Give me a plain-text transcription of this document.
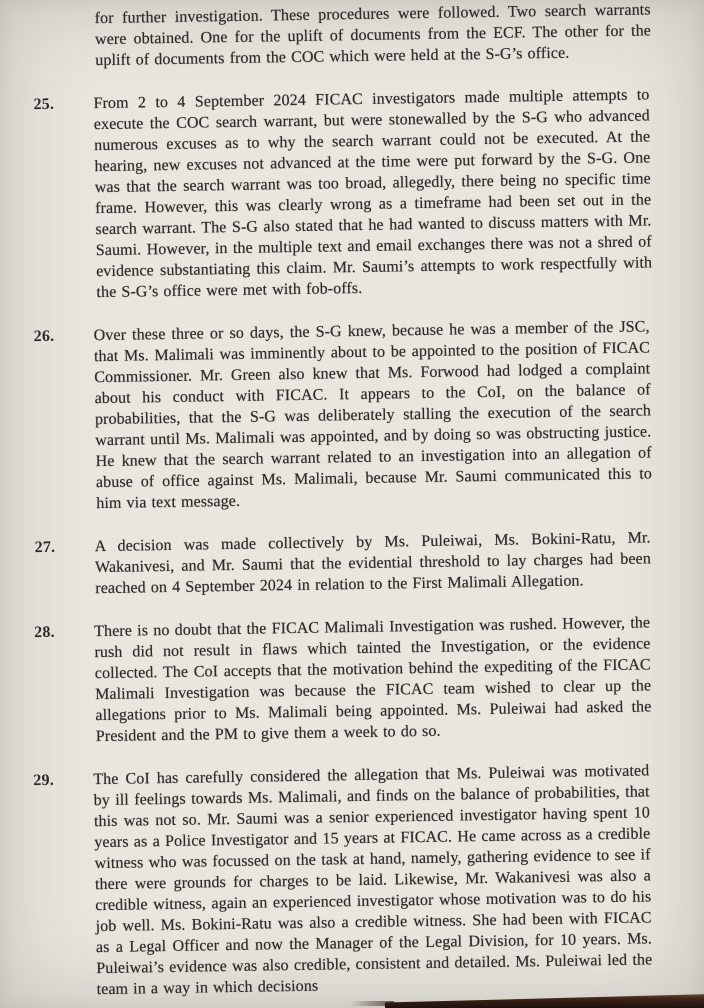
for further investigation. These procedures were followed. Two search warrants were obtained. One for the uplift of documents from the ECF. The other for the uplift of documents from the COC which were held at the S-G’s office.
25.	From 2 to 4 September 2024 FICAC investigators made multiple attempts to execute the COC search warrant, but were stonewalled by the S-G who advanced numerous excuses as to why the search warrant could not be executed. At the hearing, new excuses not advanced at the time were put forward by the S-G. One was that the search warrant was too broad, allegedly, there being no specific time frame. However, this was clearly wrong as a timeframe had been set out in the search warrant. The S-G also stated that he had wanted to discuss matters with Mr. Saumi. However, in the multiple text and email exchanges there was not a shred of evidence substantiating this claim. Mr. Saumi’s attempts to work respectfully with the S-G’s office were met with fob-offs.
26.	Over these three or so days, the S-G knew, because he was a member of the JSC, that Ms. Malimali was imminently about to be appointed to the position of FICAC Commissioner. Mr. Green also knew that Ms. Forwood had lodged a complaint about his conduct with FICAC. It appears to the CoI, on the balance of probabilities, that the S-G was deliberately stalling the execution of the search warrant until Ms. Malimali was appointed, and by doing so was obstructing justice. He knew that the search warrant related to an investigation into an allegation of abuse of office against Ms. Malimali, because Mr. Saumi communicated this to him via text message.
27.	A decision was made collectively by Ms. Puleiwai, Ms. Bokini-Ratu, Mr. Wakanivesi, and Mr. Saumi that the evidential threshold to lay charges had been reached on 4 September 2024 in relation to the First Malimali Allegation.
28.	There is no doubt that the FICAC Malimali Investigation was rushed. However, the rush did not result in flaws which tainted the Investigation, or the evidence collected. The CoI accepts that the motivation behind the expediting of the FICAC Malimali Investigation was because the FICAC team wished to clear up the allegations prior to Ms. Malimali being appointed. Ms. Puleiwai had asked the President and the PM to give them a week to do so.
29.	The CoI has carefully considered the allegation that Ms. Puleiwai was motivated by ill feelings towards Ms. Malimali, and finds on the balance of probabilities, that this was not so. Mr. Saumi was a senior experienced investigator having spent 10 years as a Police Investigator and 15 years at FICAC. He came across as a credible witness who was focussed on the task at hand, namely, gathering evidence to see if there were grounds for charges to be laid. Likewise, Mr. Wakanivesi was also a credible witness, again an experienced investigator whose motivation was to do his job well. Ms. Bokini-Ratu was also a credible witness. She had been with FICAC as a Legal Officer and now the Manager of the Legal Division, for 10 years. Ms. Puleiwai’s evidence was also credible, consistent and detailed. Ms. Puleiwai led the team in a way in which decisions
